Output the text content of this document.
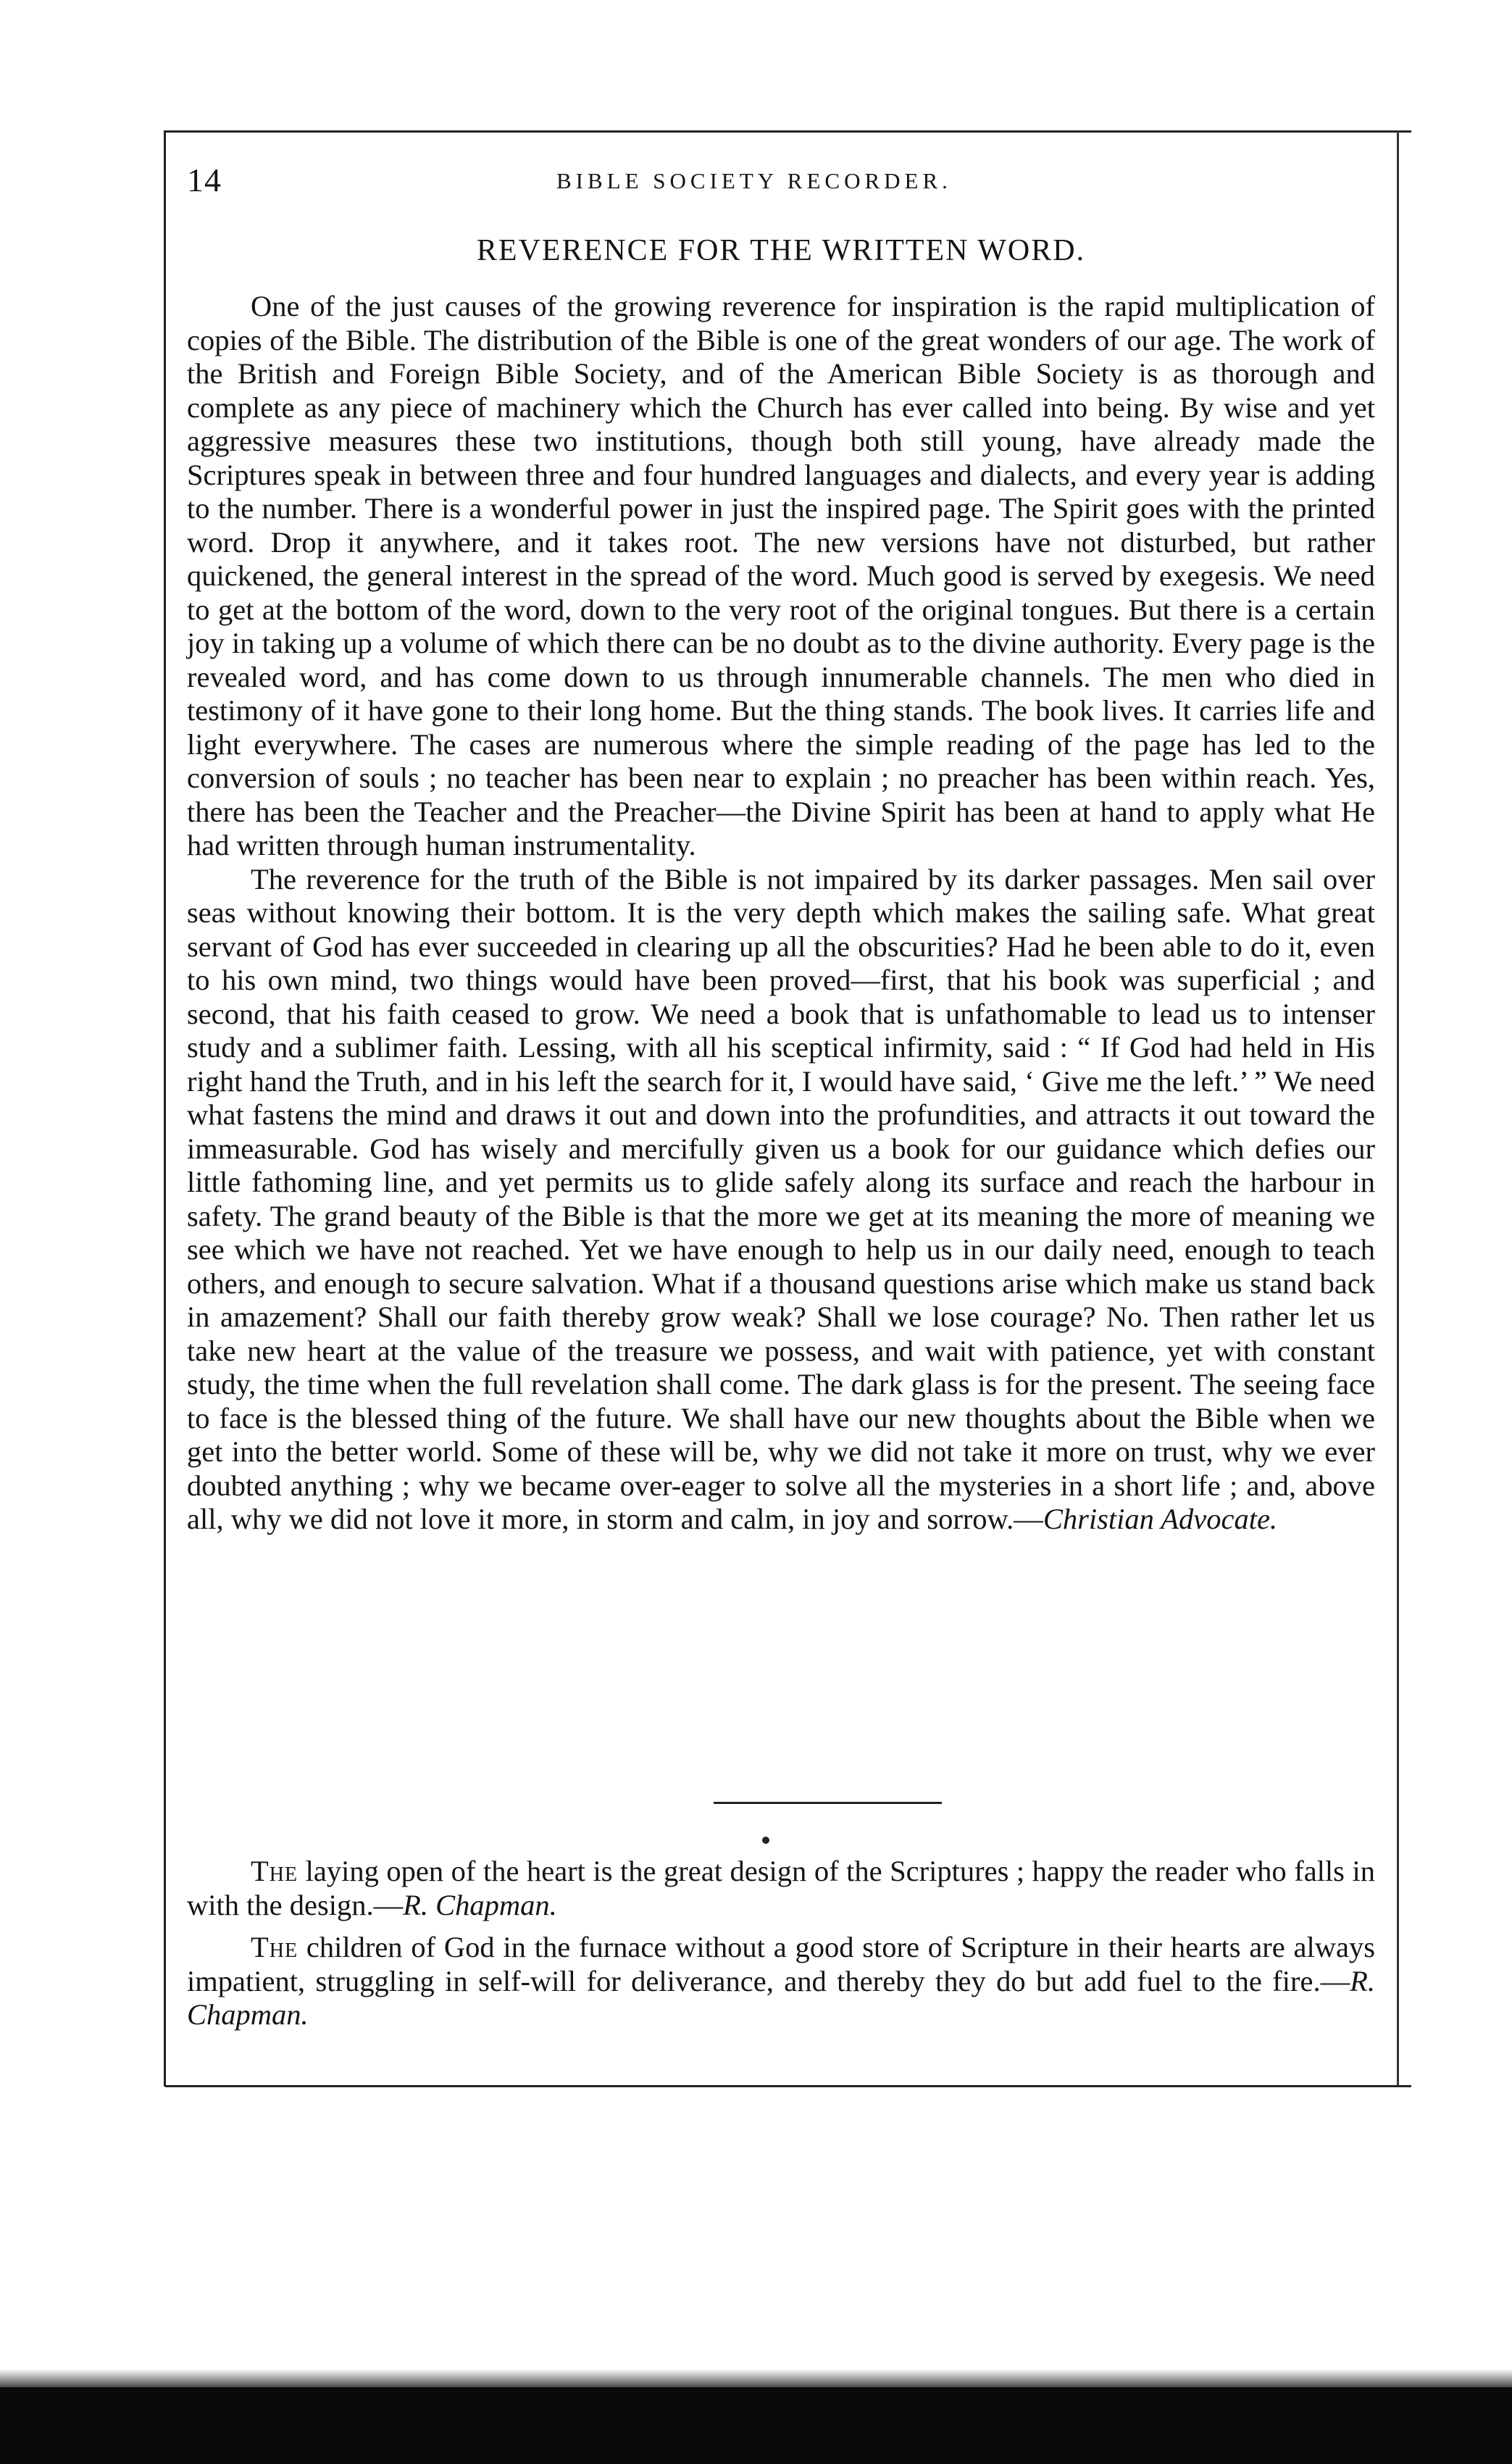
14	BIBLE SOCIETY RECORDER.
REVERENCE FOR THE WRITTEN WORD.

One of the just causes of the growing reverence for inspiration is the rapid multiplication of copies of the Bible. The distribution of the Bible is one of the great wonders of our age. The work of the British and Foreign Bible Society, and of the American Bible Society is as thorough and complete as any piece of machinery which the Church has ever called into being. By wise and yet aggressive measures these two institutions, though both still young, have already made the Scriptures speak in between three and four hundred languages and dialects, and every year is adding to the number. There is a wonderful power in just the inspired page. The Spirit goes with the printed word. Drop it anywhere, and it takes root. The new versions have not disturbed, but rather quickened, the general interest in the spread of the word. Much good is served by exegesis. We need to get at the bottom of the word, down to the very root of the original tongues. But there is a certain joy in taking up a volume of which there can be no doubt as to the divine authority. Every page is the revealed word, and has come down to us through innumerable channels. The men who died in testimony of it have gone to their long home. But the thing stands. The book lives. It carries life and light everywhere. The cases are numerous where the simple reading of the page has led to the conversion of souls ; no teacher has been near to explain ; no preacher has been within reach. Yes, there has been the Teacher and the Preacher—the Divine Spirit has been at hand to apply what He had written through human instrumentality.

The reverence for the truth of the Bible is not impaired by its darker passages. Men sail over seas without knowing their bottom. It is the very depth which makes the sailing safe. What great servant of God has ever succeeded in clearing up all the obscurities? Had he been able to do it, even to his own mind, two things would have been proved—first, that his book was superficial ; and second, that his faith ceased to grow. We need a book that is unfathomable to lead us to intenser study and a sublimer faith. Lessing, with all his sceptical infirmity, said : “ If God had held in His right hand the Truth, and in his left the search for it, I would have said, ‘ Give me the left.’ ” We need what fastens the mind and draws it out and down into the profundities, and attracts it out toward the immeasurable. God has wisely and mercifully given us a book for our guidance which defies our little fathoming line, and yet permits us to glide safely along its surface and reach the harbour in safety. The grand beauty of the Bible is that the more we get at its meaning the more of meaning we see which we have not reached. Yet we have enough to help us in our daily need, enough to teach others, and enough to secure salvation. What if a thousand questions arise which make us stand back in amazement? Shall our faith thereby grow weak? Shall we lose courage? No. Then rather let us take new heart at the value of the treasure we possess, and wait with patience, yet with constant study, the time when the full revelation shall come. The dark glass is for the present. The seeing face to face is the blessed thing of the future. We shall have our new thoughts about the Bible when we get into the better world. Some of these will be, why we did not take it more on trust, why we ever doubted anything ; why we became over-eager to solve all the mysteries in a short life ; and, above all, why we did not love it more, in storm and calm, in joy and sorrow.—Christian Advocate.

The laying open of the heart is the great design of the Scriptures ; happy the reader who falls in with the design.—R. Chapman.

The children of God in the furnace without a good store of Scripture in their hearts are always impatient, struggling in self-will for deliverance, and thereby they do but add fuel to the fire.—R. Chapman.
